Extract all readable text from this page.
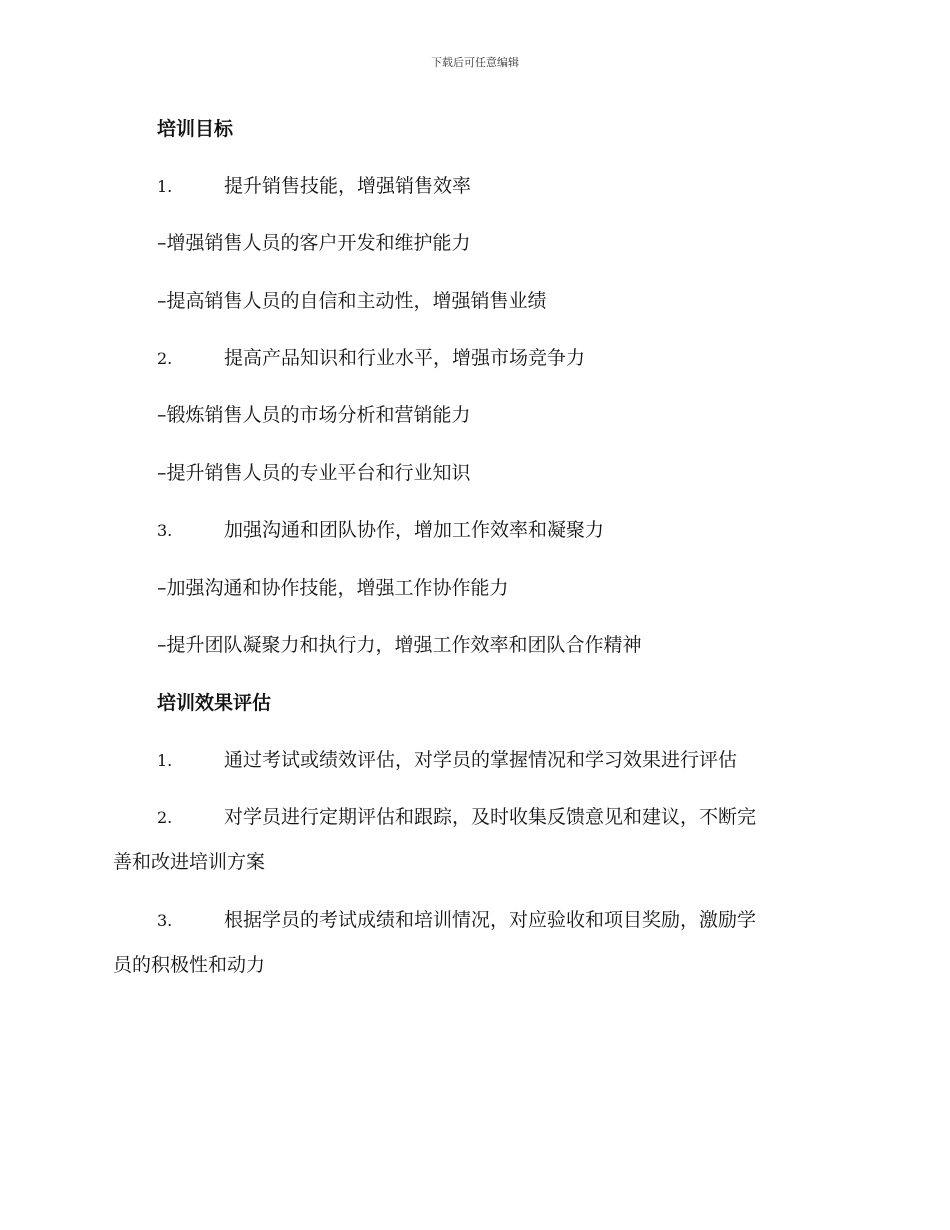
下载后可任意编辑
培训目标
1.	提升销售技能，增强销售效率
–增强销售人员的客户开发和维护能力
–提高销售人员的自信和主动性，增强销售业绩
2.	提高产品知识和行业水平，增强市场竞争力
–锻炼销售人员的市场分析和营销能力
–提升销售人员的专业平台和行业知识
3.	加强沟通和团队协作，增加工作效率和凝聚力
–加强沟通和协作技能，增强工作协作能力
–提升团队凝聚力和执行力，增强工作效率和团队合作精神
培训效果评估
1.	通过考试或绩效评估，对学员的掌握情况和学习效果进行评估
2.	对学员进行定期评估和跟踪，及时收集反馈意见和建议，不断完
善和改进培训方案
3.	根据学员的考试成绩和培训情况，对应验收和项目奖励，激励学
员的积极性和动力
